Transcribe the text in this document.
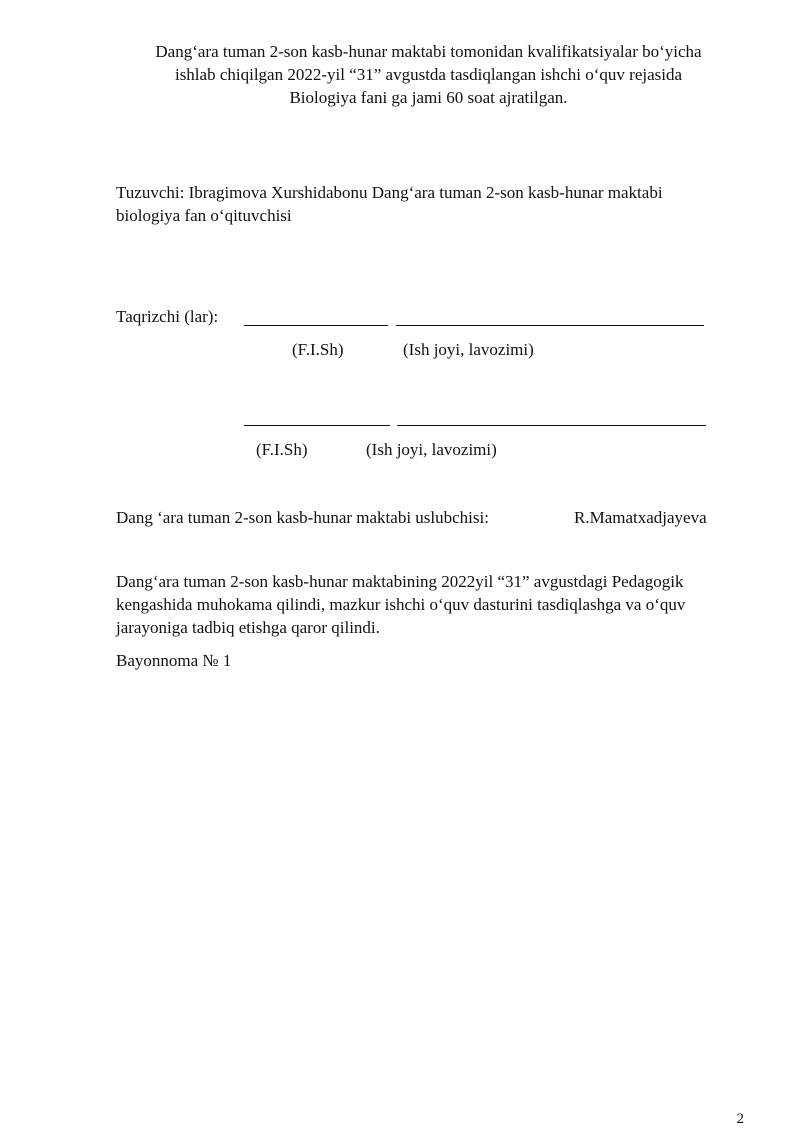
Dang‘ara tuman 2-son kasb-hunar maktabi tomonidan kvalifikatsiyalar bo‘yicha
ishlab chiqilgan 2022-yil “31” avgustda tasdiqlangan ishchi o‘quv rejasida
Biologiya fani ga jami 60 soat ajratilgan.
Tuzuvchi: Ibragimova Xurshidabonu Dang‘ara tuman 2-son kasb-hunar maktabi
biologiya fan o‘qituvchisi
Taqrizchi (lar):
(F.I.Sh)	(Ish joyi, lavozimi)
(F.I.Sh)	(Ish joyi, lavozimi)
Dang ‘ara tuman 2-son kasb-hunar maktabi uslubchisi:	R.Mamatxadjayeva
Dang‘ara tuman 2-son kasb-hunar maktabining 2022yil “31” avgustdagi Pedagogik
kengashida muhokama qilindi, mazkur ishchi o‘quv dasturini tasdiqlashga va o‘quv
jarayoniga tadbiq etishga qaror qilindi.
Bayonnoma № 1
2
